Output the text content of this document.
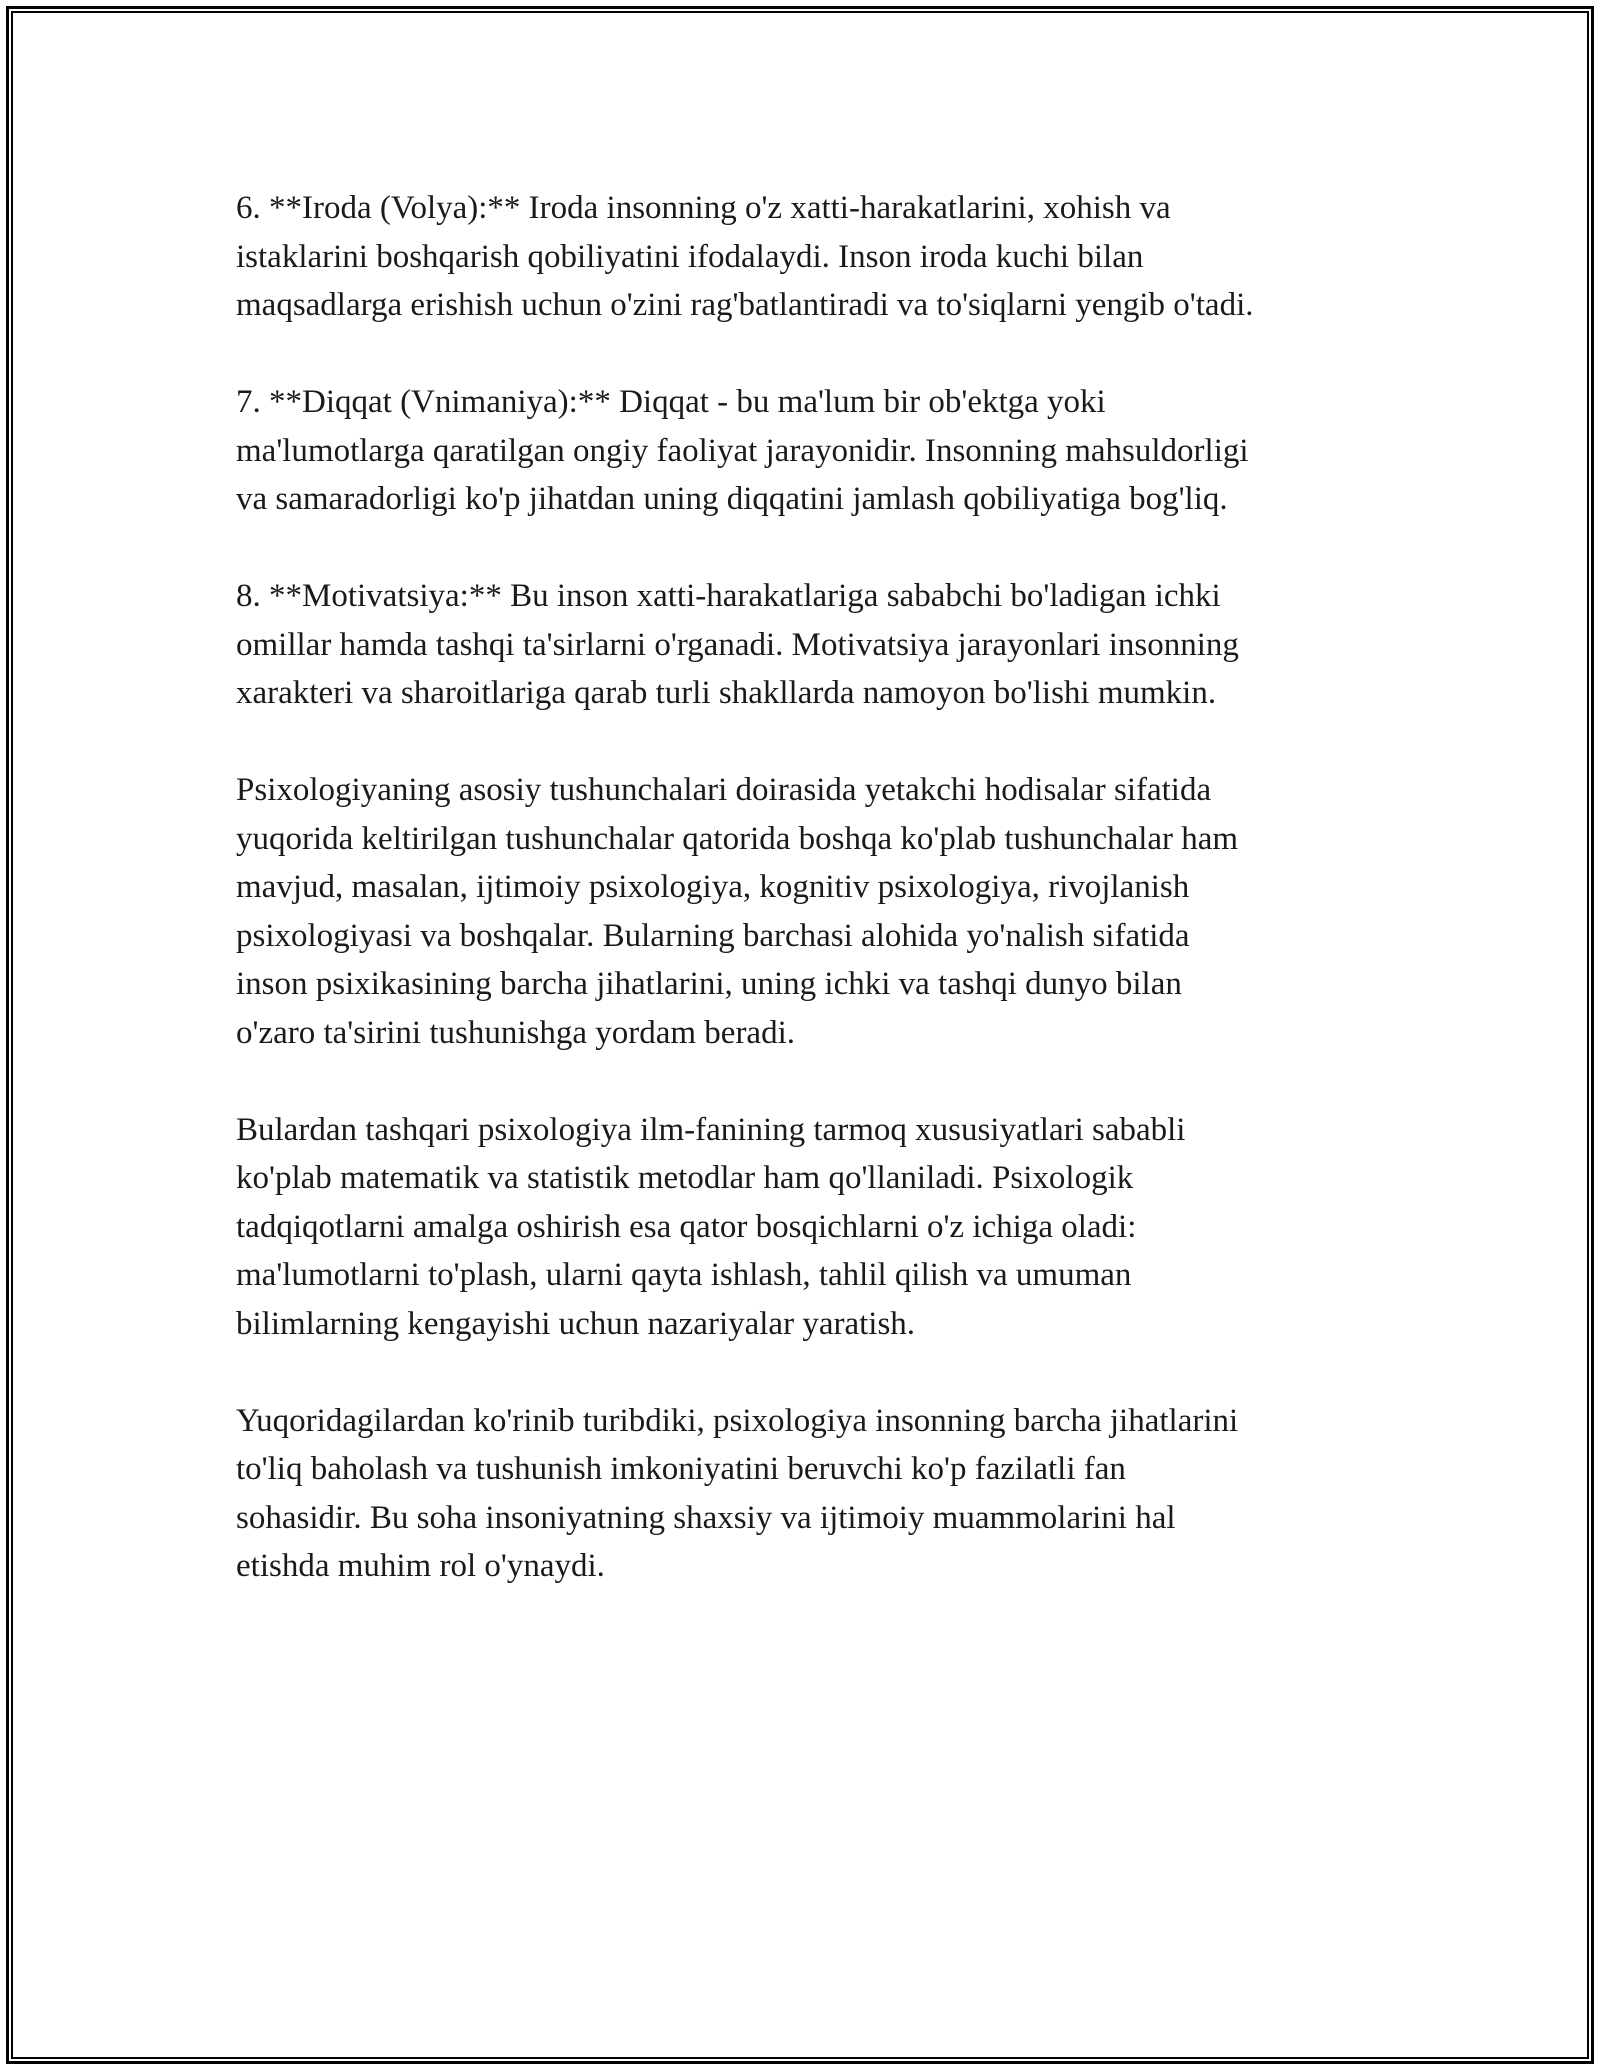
6. **Iroda (Volya):** Iroda insonning o'z xatti-harakatlarini, xohish va
istaklarini boshqarish qobiliyatini ifodalaydi. Inson iroda kuchi bilan
maqsadlarga erishish uchun o'zini rag'batlantiradi va to'siqlarni yengib o'tadi.

7. **Diqqat (Vnimaniya):** Diqqat - bu ma'lum bir ob'ektga yoki
ma'lumotlarga qaratilgan ongiy faoliyat jarayonidir. Insonning mahsuldorligi
va samaradorligi ko'p jihatdan uning diqqatini jamlash qobiliyatiga bog'liq.

8. **Motivatsiya:** Bu inson xatti-harakatlariga sababchi bo'ladigan ichki
omillar hamda tashqi ta'sirlarni o'rganadi. Motivatsiya jarayonlari insonning
xarakteri va sharoitlariga qarab turli shakllarda namoyon bo'lishi mumkin.

Psixologiyaning asosiy tushunchalari doirasida yetakchi hodisalar sifatida
yuqorida keltirilgan tushunchalar qatorida boshqa ko'plab tushunchalar ham
mavjud, masalan, ijtimoiy psixologiya, kognitiv psixologiya, rivojlanish
psixologiyasi va boshqalar. Bularning barchasi alohida yo'nalish sifatida
inson psixikasining barcha jihatlarini, uning ichki va tashqi dunyo bilan
o'zaro ta'sirini tushunishga yordam beradi.

Bulardan tashqari psixologiya ilm-fanining tarmoq xususiyatlari sababli
ko'plab matematik va statistik metodlar ham qo'llaniladi. Psixologik
tadqiqotlarni amalga oshirish esa qator bosqichlarni o'z ichiga oladi:
ma'lumotlarni to'plash, ularni qayta ishlash, tahlil qilish va umuman
bilimlarning kengayishi uchun nazariyalar yaratish.

Yuqoridagilardan ko'rinib turibdiki, psixologiya insonning barcha jihatlarini
to'liq baholash va tushunish imkoniyatini beruvchi ko'p fazilatli fan
sohasidir. Bu soha insoniyatning shaxsiy va ijtimoiy muammolarini hal
etishda muhim rol o'ynaydi.
